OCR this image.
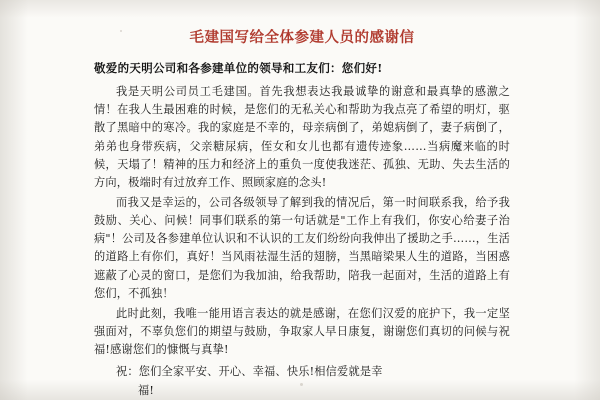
毛建国写给全体参建人员的感谢信
敬爱的天明公司和各参建单位的领导和工友们：您们好!

我是天明公司员工毛建国。首先我想表达我最诚挚的谢意和最真挚的感激之情！在我人生最困难的时候，是您们的无私关心和帮助为我点亮了希望的明灯，驱散了黑暗中的寒冷。我的家庭是不幸的，母亲病倒了，弟媳病倒了，妻子病倒了，弟弟也身带疾病，父亲糖尿病，侄女和女儿也都有遗传迹象……当病魔来临的时候，天塌了！精神的压力和经济上的重负一度使我迷茫、孤独、无助、失去生活的方向，极端时有过放弃工作、照顾家庭的念头!

而我又是幸运的，公司各级领导了解到我的情况后，第一时间联系我，给予我鼓励、关心、问候！同事们联系的第一句话就是"工作上有我们，你安心给妻子治病"！公司及各参建单位认识和不认识的工友们纷纷向我伸出了援助之手……，生活的道路上有你们，真好！当风雨祛湿生活的翅膀，当黑暗梁果人生的道路，当困惑遮蔽了心灵的窗口，是您们为我加油，给我帮助，陪我一起面对，生活的道路上有您们，不孤独！

此时此刻，我唯一能用语言表达的就是感谢，在您们汉爱的庇护下，我一定坚强面对，不辜负您们的期望与鼓励，争取家人早日康复，谢谢您们真切的问候与祝福!感谢您们的慷慨与真挚!

祝：您们全家平安、开心、幸福、快乐!相信爱就是幸
福!
